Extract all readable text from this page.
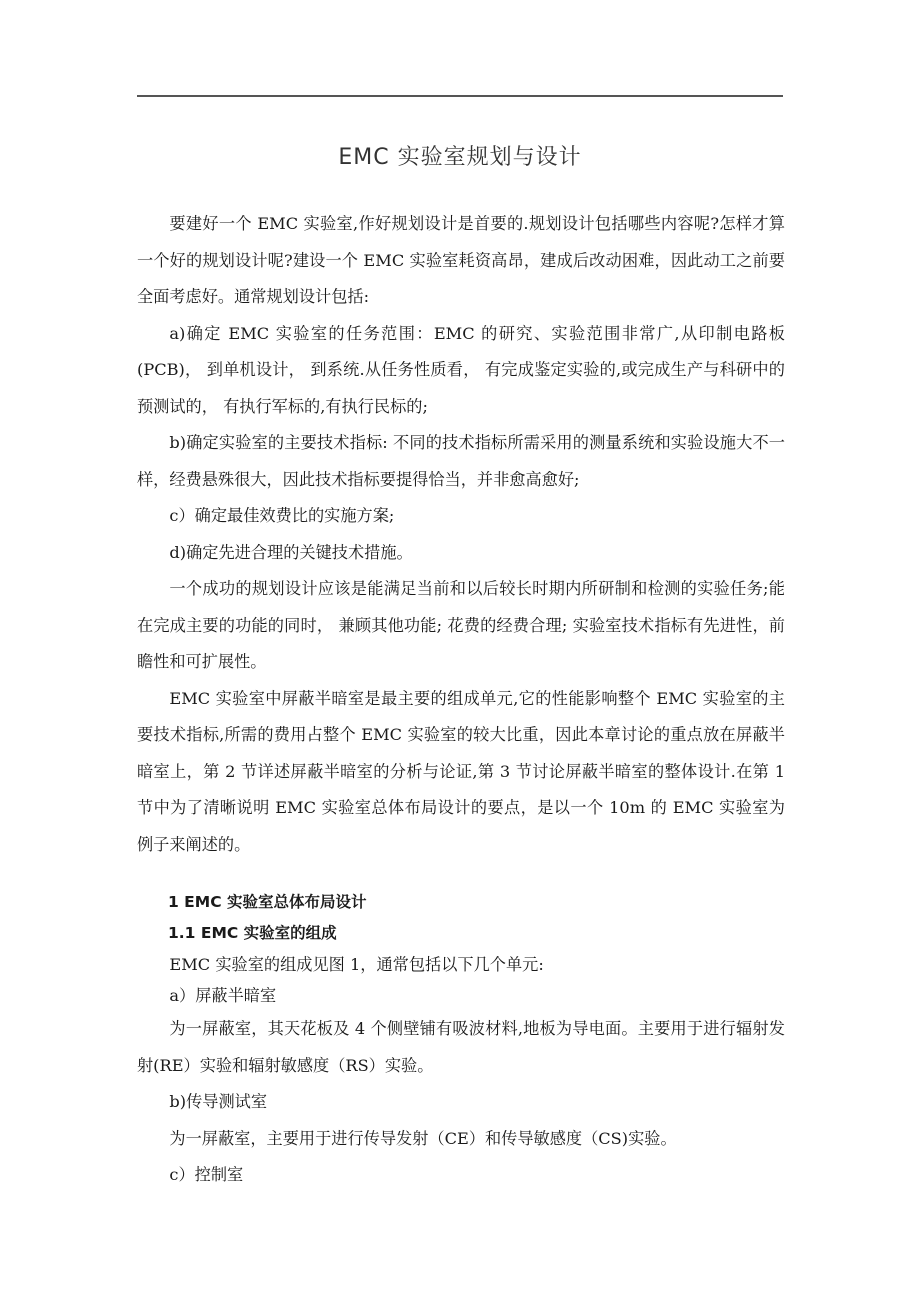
EMC 实验室规划与设计

要建好一个 EMC 实验室,作好规划设计是首要的.规划设计包括哪些内容呢?怎样才算一个好的规划设计呢?建设一个 EMC 实验室耗资高昂，建成后改动困难，因此动工之前要全面考虑好。通常规划设计包括:

a)确定 EMC 实验室的任务范围：EMC 的研究、实验范围非常广,从印制电路板(PCB)， 到单机设计， 到系统.从任务性质看， 有完成鉴定实验的,或完成生产与科研中的预测试的， 有执行军标的,有执行民标的;

b)确定实验室的主要技术指标: 不同的技术指标所需采用的测量系统和实验设施大不一样，经费悬殊很大，因此技术指标要提得恰当，并非愈高愈好;

c）确定最佳效费比的实施方案;

d)确定先进合理的关键技术措施。

一个成功的规划设计应该是能满足当前和以后较长时期内所研制和检测的实验任务;能在完成主要的功能的同时， 兼顾其他功能; 花费的经费合理; 实验室技术指标有先进性，前瞻性和可扩展性。

EMC 实验室中屏蔽半暗室是最主要的组成单元,它的性能影响整个 EMC 实验室的主要技术指标,所需的费用占整个 EMC 实验室的较大比重，因此本章讨论的重点放在屏蔽半暗室上，第 2 节详述屏蔽半暗室的分析与论证,第 3 节讨论屏蔽半暗室的整体设计.在第 1 节中为了清晰说明 EMC 实验室总体布局设计的要点，是以一个 10m 的 EMC 实验室为例子来阐述的。

1 EMC 实验室总体布局设计

1.1 EMC 实验室的组成

EMC 实验室的组成见图 1，通常包括以下几个单元:

a）屏蔽半暗室

为一屏蔽室，其天花板及 4 个侧壁铺有吸波材料,地板为导电面。主要用于进行辐射发射(RE）实验和辐射敏感度（RS）实验。

b)传导测试室

为一屏蔽室，主要用于进行传导发射（CE）和传导敏感度（CS)实验。

c）控制室
